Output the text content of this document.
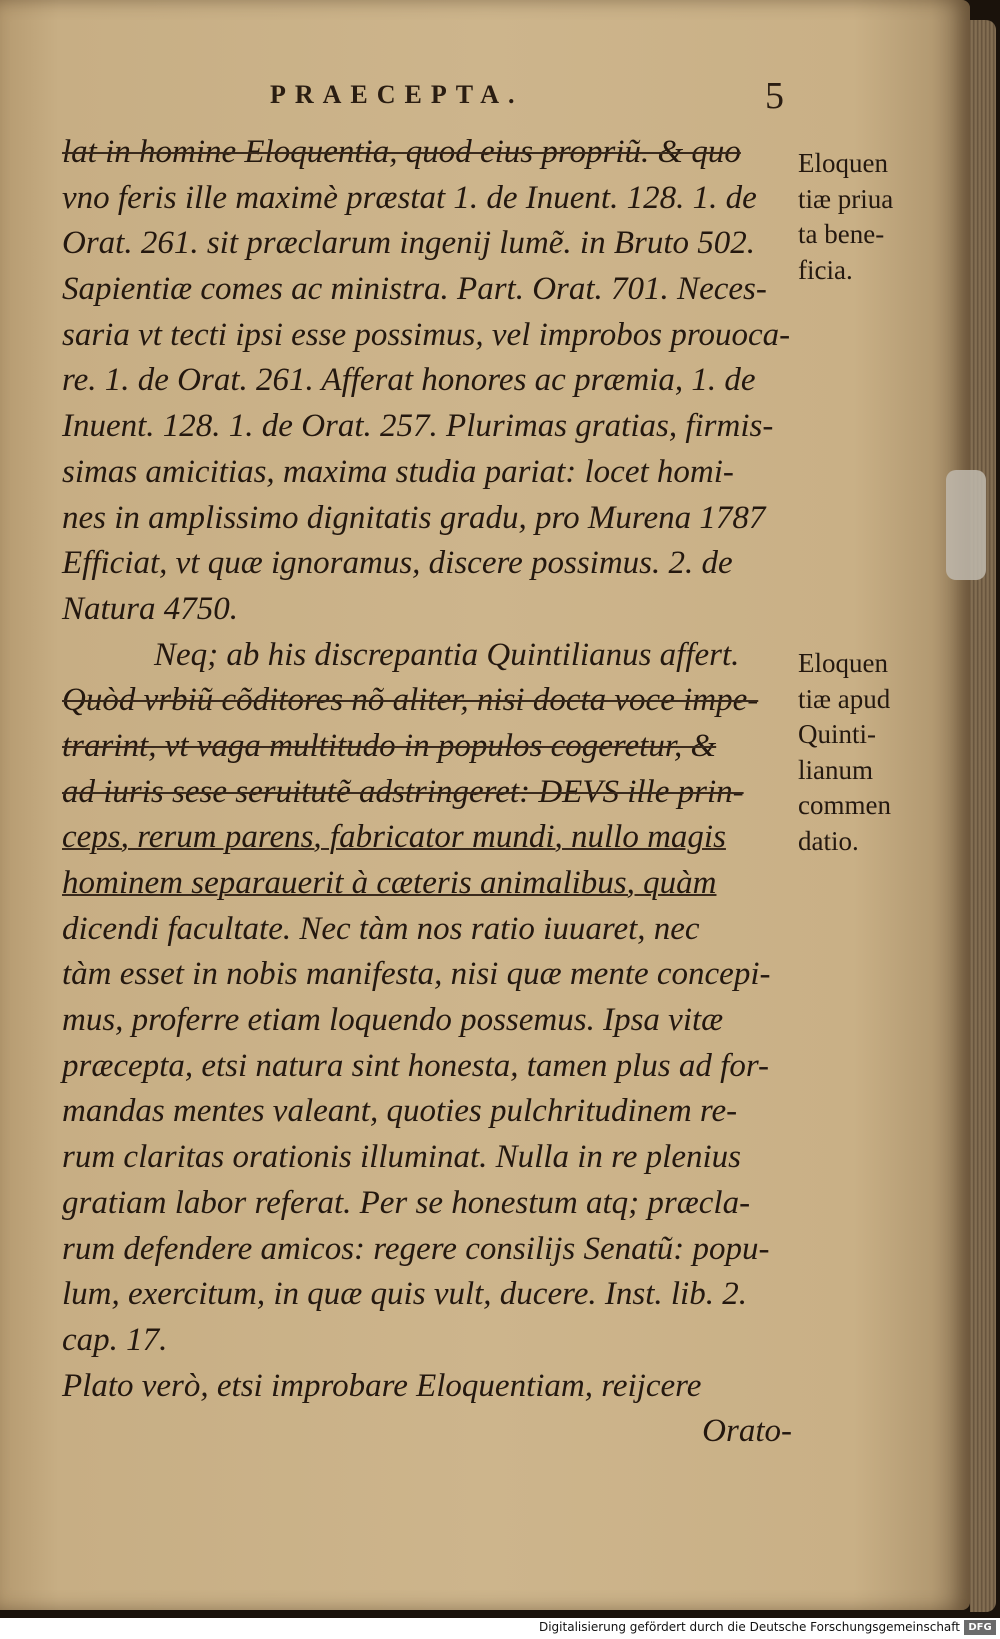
PRAECEPTA.	5
lat in homine Eloquentia, quod eius propriũ. & quo
vno feris ille maximè præstat 1. de Inuent. 128. 1. de
Orat. 261. sit præclarum ingenij lumẽ. in Bruto 502.
Sapientiæ comes ac ministra. Part. Orat. 701. Neces-
saria vt tecti ipsi esse possimus, vel improbos prouoca-
re. 1. de Orat. 261. Afferat honores ac præmia, 1. de
Inuent. 128. 1. de Orat. 257. Plurimas gratias, firmis-
simas amicitias, maxima studia pariat: locet homi-
nes in amplissimo dignitatis gradu, pro Murena 1787
Efficiat, vt quæ ignoramus, discere possimus. 2. de
Natura 4750.
Neq; ab his discrepantia Quintilianus affert.
Quòd vrbiũ cõditores nõ aliter, nisi docta voce impe-
trarint, vt vaga multitudo in populos cogeretur, &
ad iuris sese seruitutẽ adstringeret: DEVS ille prin-
ceps, rerum parens, fabricator mundi, nullo magis
hominem separauerit à cæteris animalibus, quàm
dicendi facultate. Nec tàm nos ratio iuuaret, nec
tàm esset in nobis manifesta, nisi quæ mente concepi-
mus, proferre etiam loquendo possemus. Ipsa vitæ
præcepta, etsi natura sint honesta, tamen plus ad for-
mandas mentes valeant, quoties pulchritudinem re-
rum claritas orationis illuminat. Nulla in re plenius
gratiam labor referat. Per se honestum atq; præcla-
rum defendere amicos: regere consilijs Senatũ: popu-
lum, exercitum, in quæ quis vult, ducere. Inst. lib. 2.
cap. 17.
Plato verò, etsi improbare Eloquentiam, reijcere
Orato-
Eloquen
tiæ priua
ta bene-
ficia.
Eloquen
tiæ apud
Quinti-
lianum
commen
datio.
Digitalisierung gefördert durch die Deutsche Forschungsgemeinschaft DFG
